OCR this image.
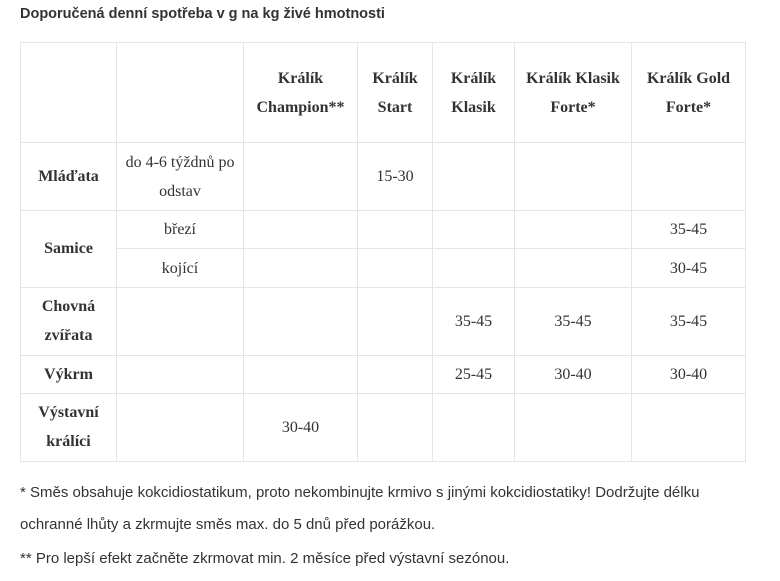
Doporučená denní spotřeba v g na kg živé hmotnosti
		Králík Champion**	Králík Start	Králík Klasik	Králík Klasik Forte*	Králík Gold Forte*
Mláďata	do 4-6 týždnů po odstav		15-30			
Samice	březí					35-45
	kojící					30-45
Chovná zvířata				35-45	35-45	35-45
Výkrm				25-45	30-40	30-40
Výstavní králíci		30-40				
* Směs obsahuje kokcidiostatikum, proto nekombinujte krmivo s jinými kokcidiostatiky! Dodržujte délku ochranné lhůty a zkrmujte směs max. do 5 dnů před porážkou.
** Pro lepší efekt začněte zkrmovat min. 2 měsíce před výstavní sezónou.
